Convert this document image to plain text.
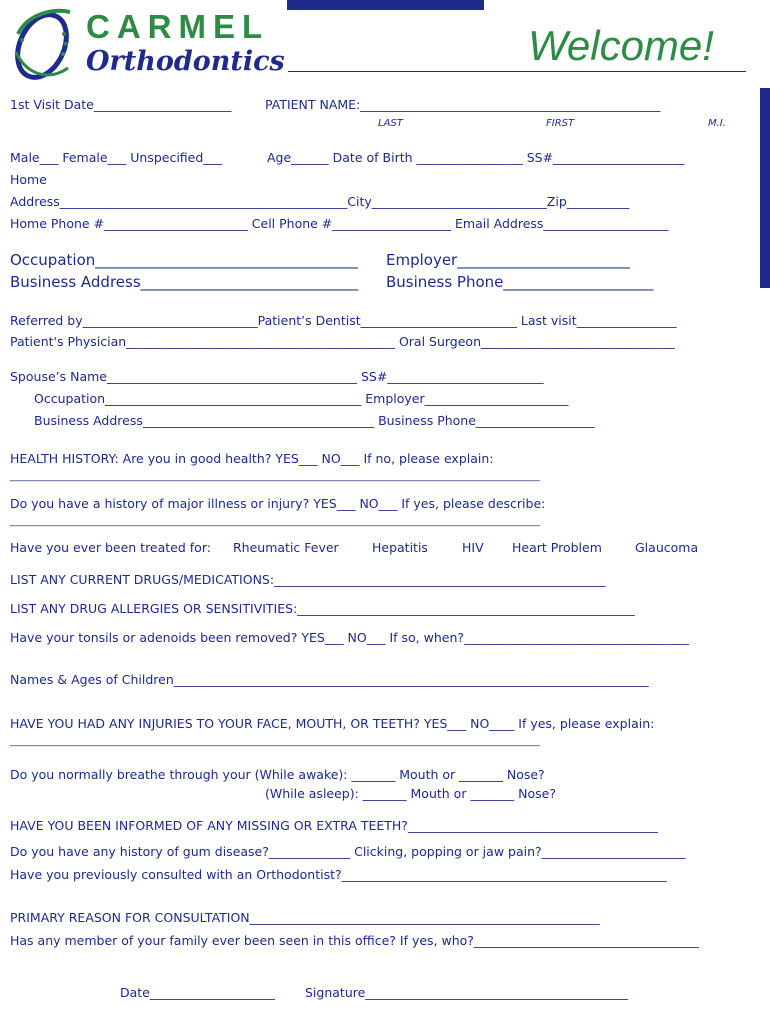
CARMEL
Orthodontics	Welcome!
1st Visit Date______________________	PATIENT NAME:________________________________________________
LAST	FIRST	M.I.
Male___ Female___ Unspecified___	Age______ Date of Birth _________________ SS#_____________________
Home
Address______________________________________________City____________________________Zip__________
Home Phone #_______________________ Cell Phone #___________________ Email Address____________________
Occupation___________________________________ Employer_______________________
Business Address_____________________________ Business Phone____________________
Referred by____________________________Patient’s Dentist_________________________ Last visit________________
Patient's Physician___________________________________________ Oral Surgeon_______________________________
Spouse’s Name________________________________________ SS#_________________________
Occupation_________________________________________ Employer_______________________
Business Address_____________________________________ Business Phone___________________
HEALTH HISTORY: Are you in good health? YES___ NO___ If no, please explain:
__________________________________________________________________________________________________________
Do you have a history of major illness or injury? YES___ NO___ If yes, please describe:
__________________________________________________________________________________________________________
Have you ever been treated for: Rheumatic Fever	Hepatitis	HIV Heart Problem	Glaucoma
LIST ANY CURRENT DRUGS/MEDICATIONS:_____________________________________________________
LIST ANY DRUG ALLERGIES OR SENSITIVITIES:______________________________________________________
Have your tonsils or adenoids been removed? YES___ NO___ If so, when?____________________________________
Names & Ages of Children____________________________________________________________________________
HAVE YOU HAD ANY INJURIES TO YOUR FACE, MOUTH, OR TEETH? YES___ NO____ If yes, please explain:
__________________________________________________________________________________________________________
Do you normally breathe through your (While awake): _______ Mouth or _______ Nose?
(While asleep): _______ Mouth or _______ Nose?
HAVE YOU BEEN INFORMED OF ANY MISSING OR EXTRA TEETH?________________________________________
Do you have any history of gum disease?_____________ Clicking, popping or jaw pain?_______________________
Have you previously consulted with an Orthodontist?____________________________________________________
PRIMARY REASON FOR CONSULTATION________________________________________________________
Has any member of your family ever been seen in this office? If yes, who?____________________________________
Date____________________ Signature__________________________________________
